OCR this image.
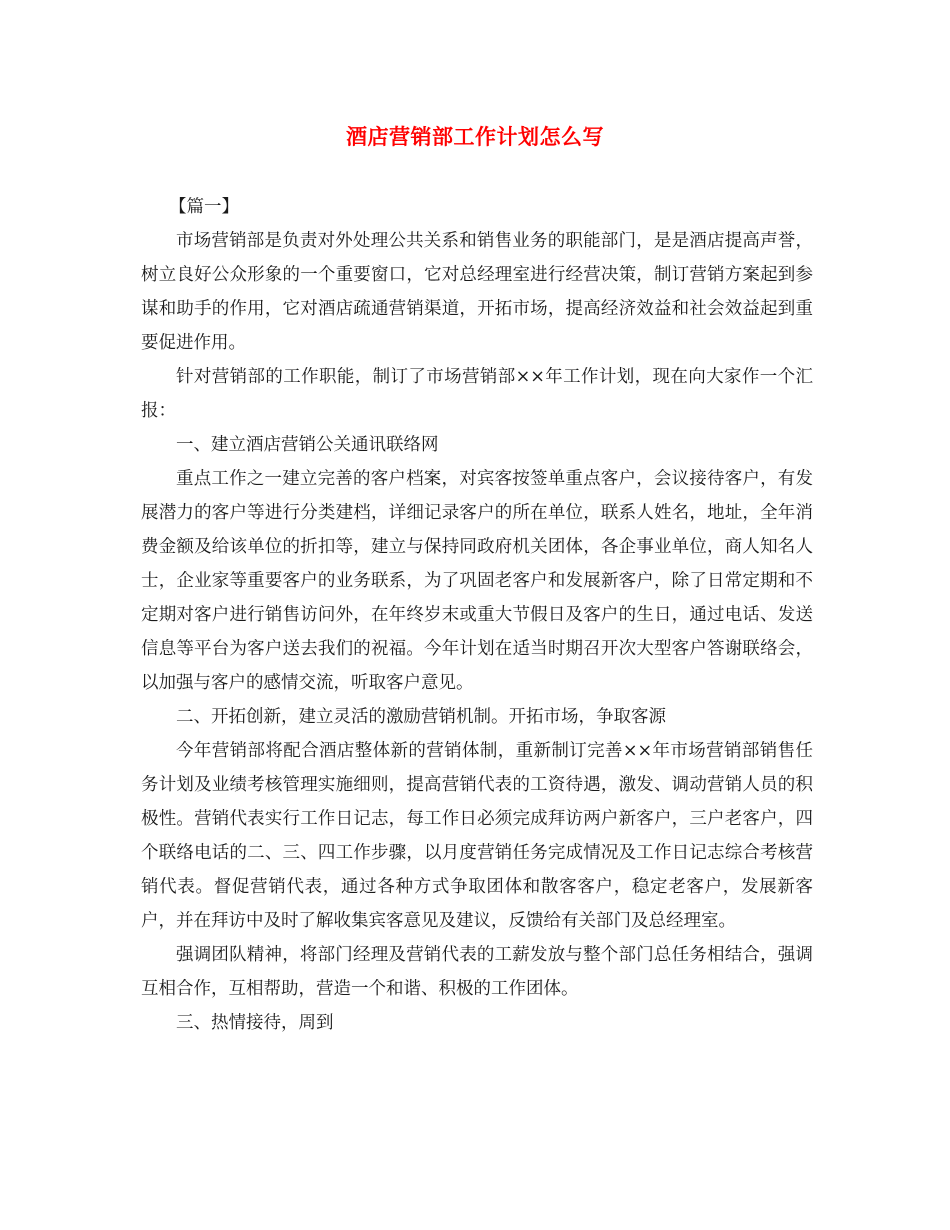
酒店营销部工作计划怎么写

【篇一】

市场营销部是负责对外处理公共关系和销售业务的职能部门，是是酒店提高声誉，树立良好公众形象的一个重要窗口，它对总经理室进行经营决策，制订营销方案起到参谋和助手的作用，它对酒店疏通营销渠道，开拓市场，提高经济效益和社会效益起到重要促进作用。

针对营销部的工作职能，制订了市场营销部××年工作计划，现在向大家作一个汇报：

一、建立酒店营销公关通讯联络网

重点工作之一建立完善的客户档案，对宾客按签单重点客户，会议接待客户，有发展潜力的客户等进行分类建档，详细记录客户的所在单位，联系人姓名，地址，全年消费金额及给该单位的折扣等，建立与保持同政府机关团体，各企事业单位，商人知名人士，企业家等重要客户的业务联系，为了巩固老客户和发展新客户，除了日常定期和不定期对客户进行销售访问外，在年终岁末或重大节假日及客户的生日，通过电话、发送信息等平台为客户送去我们的祝福。今年计划在适当时期召开次大型客户答谢联络会，以加强与客户的感情交流，听取客户意见。

二、开拓创新，建立灵活的激励营销机制。开拓市场，争取客源

今年营销部将配合酒店整体新的营销体制，重新制订完善××年市场营销部销售任务计划及业绩考核管理实施细则，提高营销代表的工资待遇，激发、调动营销人员的积极性。营销代表实行工作日记志，每工作日必须完成拜访两户新客户，三户老客户，四个联络电话的二、三、四工作步骤，以月度营销任务完成情况及工作日记志综合考核营销代表。督促营销代表，通过各种方式争取团体和散客客户，稳定老客户，发展新客户，并在拜访中及时了解收集宾客意见及建议，反馈给有关部门及总经理室。

强调团队精神，将部门经理及营销代表的工薪发放与整个部门总任务相结合，强调互相合作，互相帮助，营造一个和谐、积极的工作团体。

三、热情接待，周到
